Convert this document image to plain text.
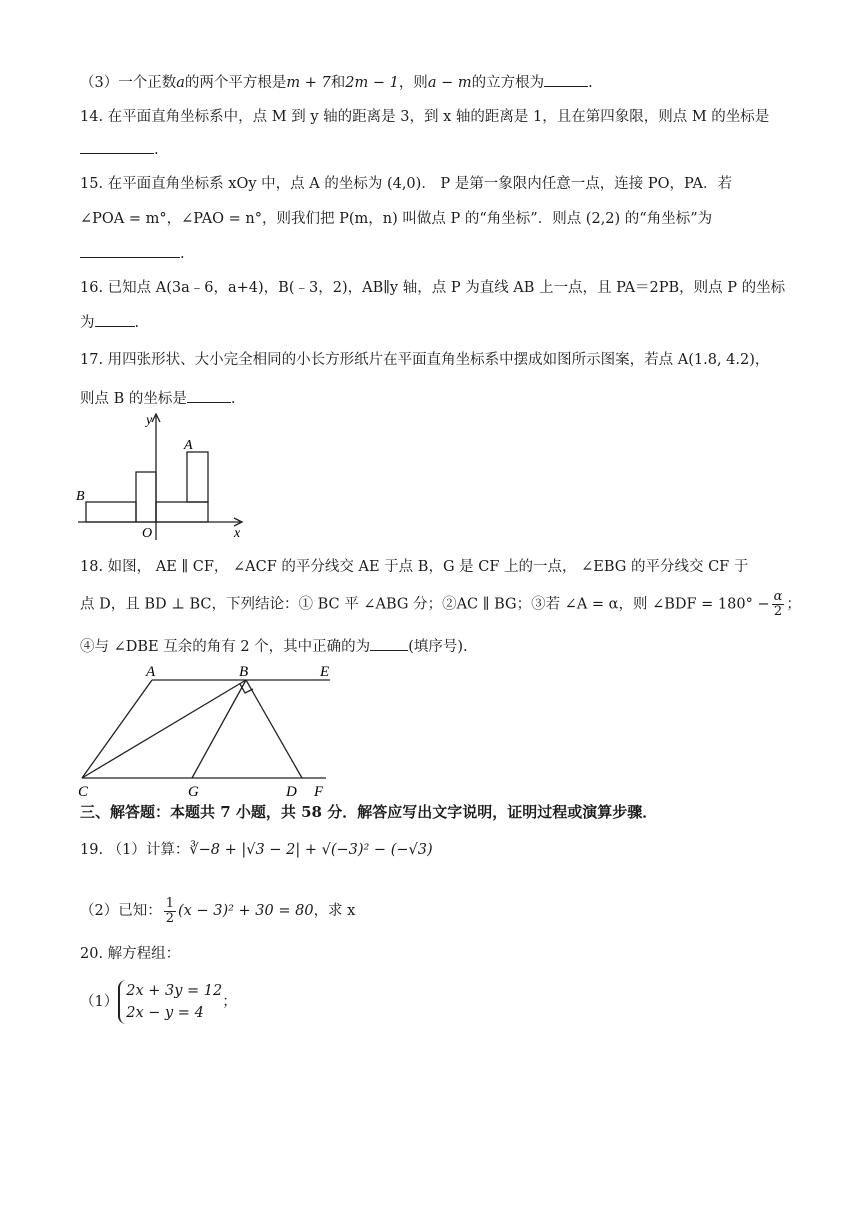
（3）一个正数a的两个平方根是m + 7和2m − 1，则a − m的立方根为	.
14. 在平面直角坐标系中，点 M 到 y 轴的距离是 3，到 x 轴的距离是 1，且在第四象限，则点 M 的坐标是
.
15. 在平面直角坐标系 xOy 中，点 A 的坐标为 (4,0)． P 是第一象限内任意一点，连接 PO，PA．若
∠POA = m°，∠PAO = n°，则我们把 P(m，n) 叫做点 P 的“角坐标”．则点 (2,2) 的“角坐标”为
.
16. 已知点 A(3a﹣6，a+4)，B(﹣3，2)，AB∥y 轴，点 P 为直线 AB 上一点，且 PA＝2PB，则点 P 的坐标
为	.
17. 用四张形状、大小完全相同的小长方形纸片在平面直角坐标系中摆成如图所示图案，若点 A(1.8, 4.2)，
则点 B 的坐标是	.
y
x
O
A
B
18. 如图， AE ∥ CF， ∠ACF 的平分线交 AE 于点 B，G 是 CF 上的一点， ∠EBG 的平分线交 CF 于
点 D，且 BD ⊥ BC，下列结论：① BC 平 ∠ABG 分；②AC ∥ BG；③若 ∠A = α，则 ∠BDF = $180^\circ - \frac{\alpha}{2}$ ；
④与 ∠DBE 互余的角有 2 个，其中正确的为	(填序号).
A	B	E
C	G	D F
三、解答题：本题共 7 小题，共 58 分．解答应写出文字说明，证明过程或演算步骤．
19. （1）计算：∛−8 + |√3 − 2| + √(−3)² − (−√3)
（2）已知： $\frac{1}{2} (x - 3)^2 + 30 = 80$，求 x
20. 解方程组：
（1）
2x + 3y = 12
2x − y = 4
；
